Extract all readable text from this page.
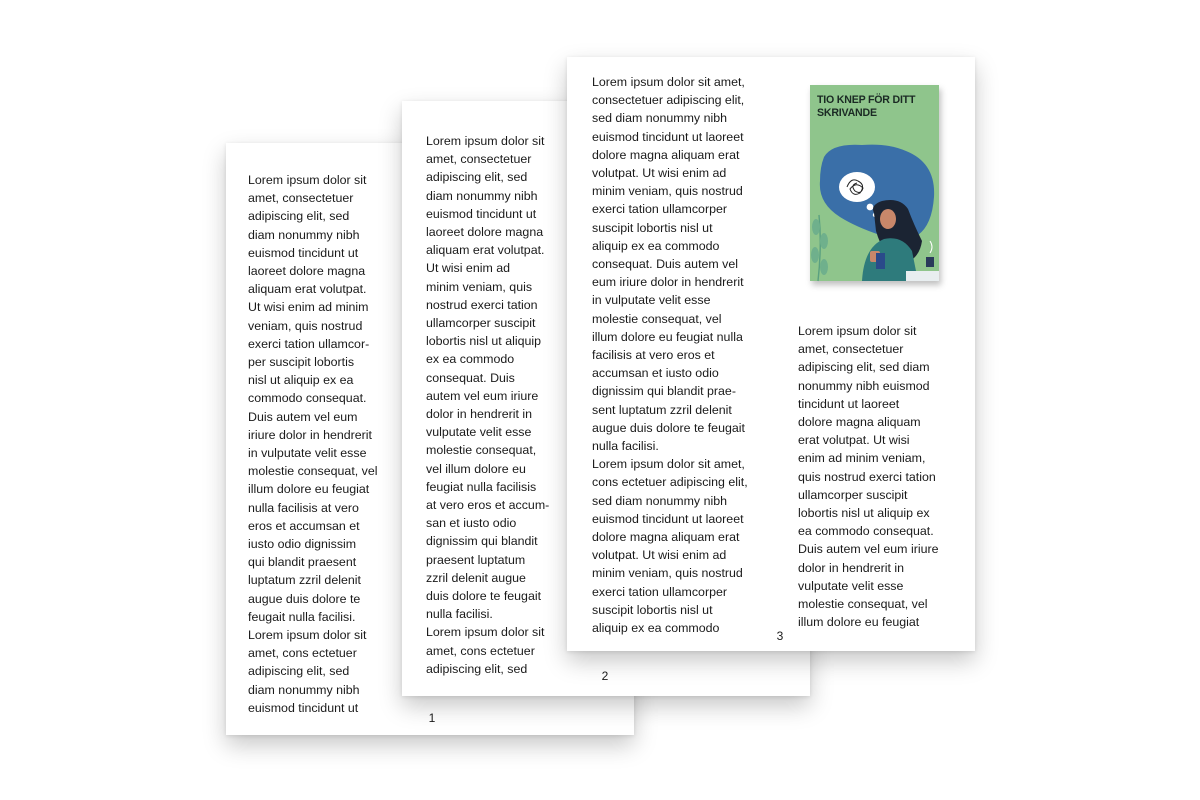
Lorem ipsum dolor sit
amet, consectetuer
adipiscing elit, sed
diam nonummy nibh
euismod tincidunt ut
laoreet dolore magna
aliquam erat volutpat.
Ut wisi enim ad minim
veniam, quis nostrud
exerci tation ullamcor-
per suscipit lobortis
nisl ut aliquip ex ea
commodo consequat.
Duis autem vel eum
iriure dolor in hendrerit
in vulputate velit esse
molestie consequat, vel
illum dolore eu feugiat
nulla facilisis at vero
eros et accumsan et
iusto odio dignissim
qui blandit praesent
luptatum zzril delenit
augue duis dolore te
feugait nulla facilisi.
Lorem ipsum dolor sit
amet, cons ectetuer
adipiscing elit, sed
diam nonummy nibh
euismod tincidunt ut

1

Lorem ipsum dolor sit
amet, consectetuer
adipiscing elit, sed
diam nonummy nibh
euismod tincidunt ut
laoreet dolore magna
aliquam erat volutpat.
Ut wisi enim ad
minim veniam, quis
nostrud exerci tation
ullamcorper suscipit
lobortis nisl ut aliquip
ex ea commodo
consequat. Duis
autem vel eum iriure
dolor in hendrerit in
vulputate velit esse
molestie consequat,
vel illum dolore eu
feugiat nulla facilisis
at vero eros et accum-
san et iusto odio
dignissim qui blandit
praesent luptatum
zzril delenit augue
duis dolore te feugait
nulla facilisi.
Lorem ipsum dolor sit
amet, cons ectetuer
adipiscing elit, sed

2

Lorem ipsum dolor sit amet,
consectetuer adipiscing elit,
sed diam nonummy nibh
euismod tincidunt ut laoreet
dolore magna aliquam erat
volutpat. Ut wisi enim ad
minim veniam, quis nostrud
exerci tation ullamcorper
suscipit lobortis nisl ut
aliquip ex ea commodo
consequat. Duis autem vel
eum iriure dolor in hendrerit
in vulputate velit esse
molestie consequat, vel
illum dolore eu feugiat nulla
facilisis at vero eros et
accumsan et iusto odio
dignissim qui blandit prae-
sent luptatum zzril delenit
augue duis dolore te feugait
nulla facilisi.
Lorem ipsum dolor sit amet,
cons ectetuer adipiscing elit,
sed diam nonummy nibh
euismod tincidunt ut laoreet
dolore magna aliquam erat
volutpat. Ut wisi enim ad
minim veniam, quis nostrud
exerci tation ullamcorper
suscipit lobortis nisl ut
aliquip ex ea commodo

TIO KNEP FÖR DITT SKRIVANDE

Lorem ipsum dolor sit
amet, consectetuer
adipiscing elit, sed diam
nonummy nibh euismod
tincidunt ut laoreet
dolore magna aliquam
erat volutpat. Ut wisi
enim ad minim veniam,
quis nostrud exerci tation
ullamcorper suscipit
lobortis nisl ut aliquip ex
ea commodo consequat.
Duis autem vel eum iriure
dolor in hendrerit in
vulputate velit esse
molestie consequat, vel
illum dolore eu feugiat

3
